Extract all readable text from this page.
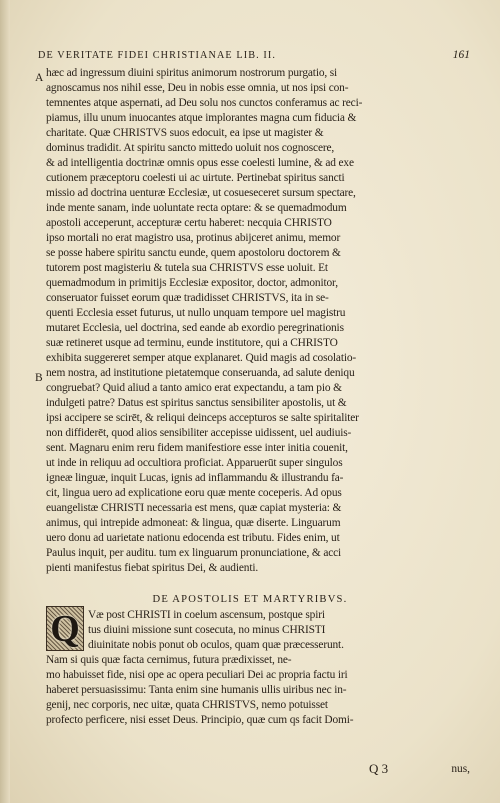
DE VERITATE FIDEI CHRISTIANAE LIB. II.	161
A
B
hæc ad ingressum diuini spiritus animorum nostrorum purgatio, si
agnoscamus nos nihil esse, Deu in nobis esse omnia, ut nos ipsi con-
temnentes atque aspernati, ad Deu solu nos cunctos conferamus ac reci-
piamus, illu unum inuocantes atque implorantes magna cum fiducia &
charitate. Quæ CHRISTVS suos edocuit, ea ipse ut magister &
dominus tradidit. At spiritu sancto mittedo uoluit nos cognoscere,
& ad intelligentia doctrinæ omnis opus esse coelesti lumine, & ad exe
cutionem præceptoru coelesti ui ac uirtute. Pertinebat spiritus sancti
missio ad doctrina uenturæ Ecclesiæ, ut cosueseceret sursum spectare,
inde mente sanam, inde uoluntate recta optare: & se quemadmodum
apostoli acceperunt, accepturæ certu haberet: necquia CHRISTO
ipso mortali no erat magistro usa, protinus abijceret animu, memor
se posse habere spiritu sanctu eunde, quem apostoloru doctorem &
tutorem post magisteriu & tutela sua CHRISTVS esse uoluit. Et
quemadmodum in primitijs Ecclesiæ expositor, doctor, admonitor,
conseruator fuisset eorum quæ tradidisset CHRISTVS, ita in se-
quenti Ecclesia esset futurus, ut nullo unquam tempore uel magistru
mutaret Ecclesia, uel doctrina, sed eande ab exordio peregrinationis
suæ retineret usque ad terminu, eunde institutore, qui a CHRISTO
exhibita suggereret semper atque explanaret. Quid magis ad cosolatio-
nem nostra, ad institutione pietatemque conseruanda, ad salute deniqu
congruebat? Quid aliud a tanto amico erat expectandu, a tam pio &
indulgeti patre? Datus est spiritus sanctus sensibiliter apostolis, ut &
ipsi accipere se scirēt, & reliqui deinceps accepturos se salte spiritaliter
non diffiderēt, quod alios sensibiliter accepisse uidissent, uel audiuis-
sent. Magnaru enim reru fidem manifestiore esse inter initia couenit,
ut inde in reliquu ad occultiora proficiat. Apparuerūt super singulos
igneæ linguæ, inquit Lucas, ignis ad inflammandu & illustrandu fa-
cit, lingua uero ad explicatione eoru quæ mente coceperis. Ad opus
euangelistæ CHRISTI necessaria est mens, quæ capiat mysteria: &
animus, qui intrepide admoneat: & lingua, quæ diserte. Linguarum
uero donu ad uarietate nationu edocenda est tributu. Fides enim, ut
Paulus inquit, per auditu. tum ex linguarum pronunciatione, & acci
pienti manifestus fiebat spiritus Dei, & audienti.
DE APOSTOLIS ET MARTYRIBVS.
Q Væ post CHRISTI in coelum ascensum, postque spiri
tus diuini missione sunt cosecuta, no minus CHRISTI
diuinitate nobis ponut ob oculos, quam quæ præcesserunt.
Nam si quis quæ facta cernimus, futura prædixisset, ne-
mo habuisset fide, nisi ope ac opera peculiari Dei ac propria factu iri
haberet persuasissimu: Tanta enim sine humanis ullis uiribus nec in-
genij, nec corporis, nec uitæ, quata CHRISTVS, nemo potuisset
profecto perficere, nisi esset Deus. Principio, quæ cum qs facit Domi-
Q 3	nus,
